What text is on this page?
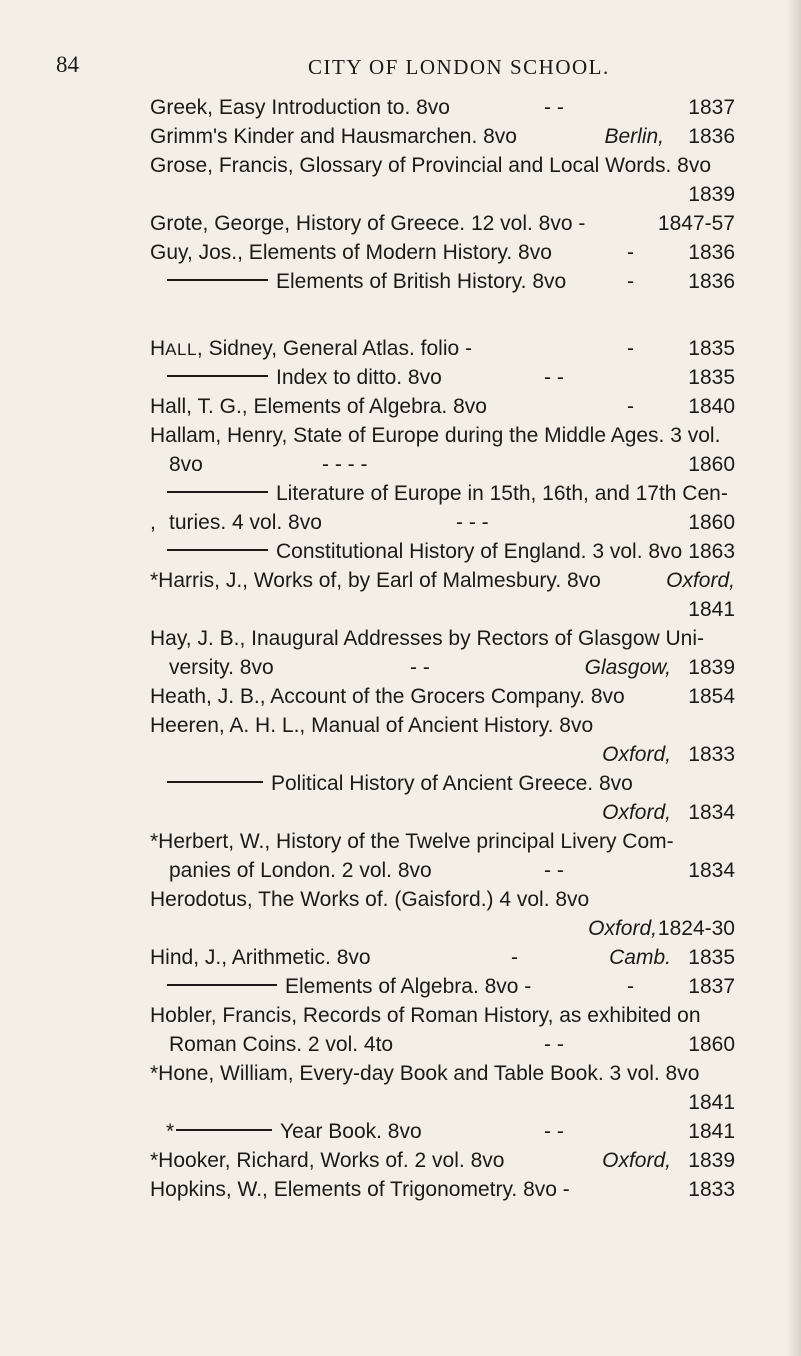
84	CITY OF LONDON SCHOOL.
Greek, Easy Introduction to. 8vo	- -	1837
Grimm's Kinder and Hausmarchen. 8vo	Berlin, 1836
Grose, Francis, Glossary of Provincial and Local Words. 8vo
1839
Grote, George, History of Greece. 12 vol. 8vo -	1847-57
Guy, Jos., Elements of Modern History. 8vo	-	1836
Elements of British History. 8vo	-	1836
HALL, Sidney, General Atlas. folio -	-	1835
Index to ditto. 8vo	- -	1835
Hall, T. G., Elements of Algebra. 8vo	-	1840
Hallam, Henry, State of Europe during the Middle Ages. 3 vol.
8vo	- - - -	1860
Literature of Europe in 15th, 16th, and 17th Cen-
, turies. 4 vol. 8vo	- - -	1860
Constitutional History of England. 3 vol. 8vo 1863
*Harris, J., Works of, by Earl of Malmesbury. 8vo	Oxford,
1841
Hay, J. B., Inaugural Addresses by Rectors of Glasgow Uni-
versity. 8vo	- -	Glasgow, 1839
Heath, J. B., Account of the Grocers Company. 8vo	1854
Heeren, A. H. L., Manual of Ancient History. 8vo
Oxford, 1833
Political History of Ancient Greece. 8vo
Oxford, 1834
*Herbert, W., History of the Twelve principal Livery Com-
panies of London. 2 vol. 8vo	- -	1834
Herodotus, The Works of. (Gaisford.) 4 vol. 8vo
Oxford, 1824-30
Hind, J., Arithmetic. 8vo	-	Camb. 1835
Elements of Algebra. 8vo -	-	1837
Hobler, Francis, Records of Roman History, as exhibited on
Roman Coins. 2 vol. 4to	- -	1860
*Hone, William, Every-day Book and Table Book. 3 vol. 8vo
1841
*	Year Book. 8vo	- -	1841
*Hooker, Richard, Works of. 2 vol. 8vo	Oxford, 1839
Hopkins, W., Elements of Trigonometry. 8vo -	1833
